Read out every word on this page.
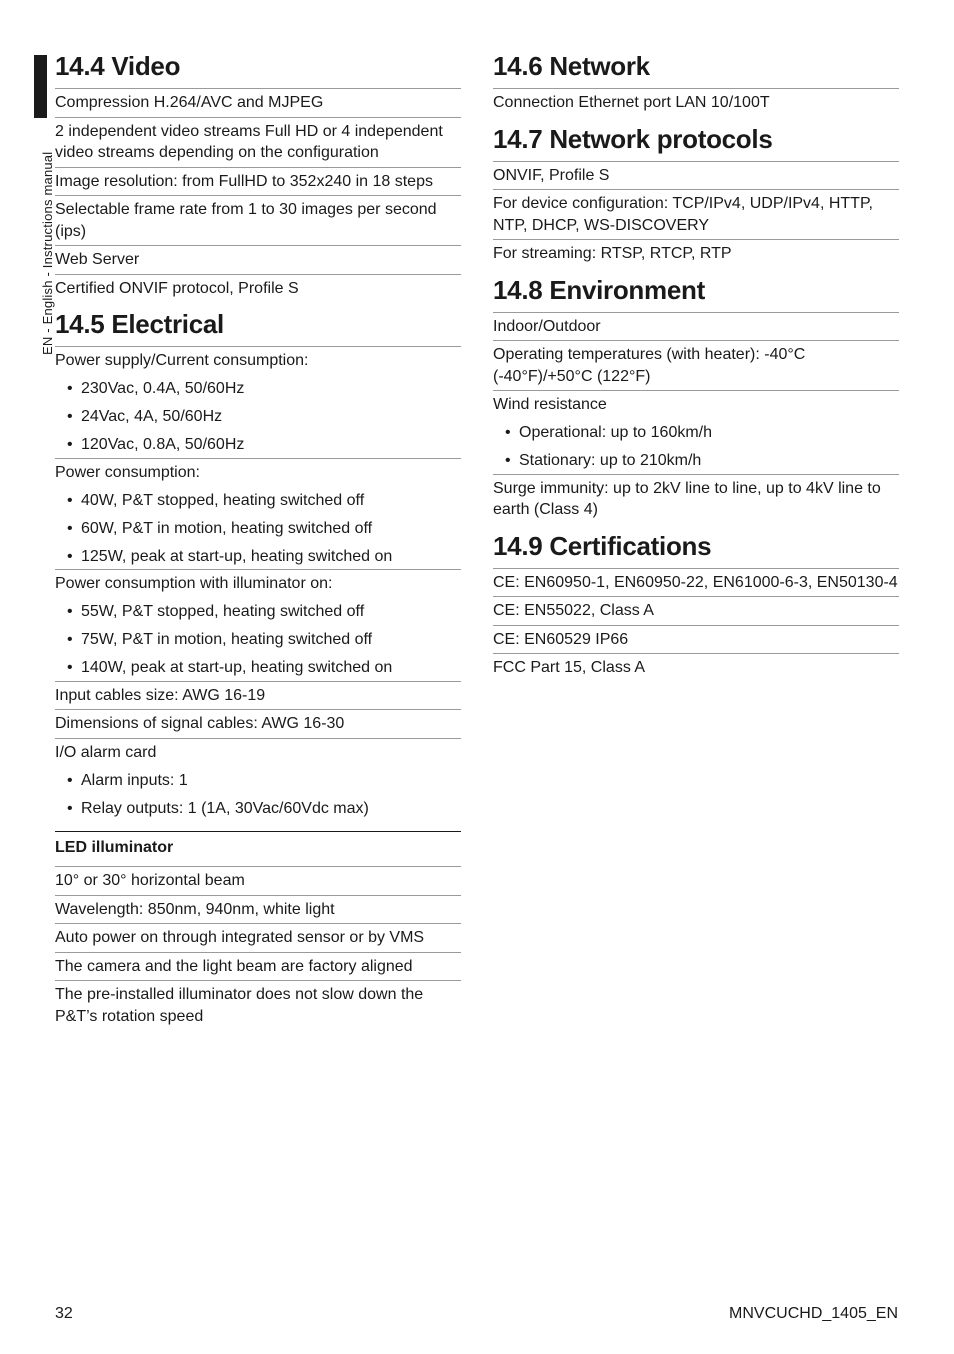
EN - English - Instructions manual
14.4 Video
Compression H.264/AVC and MJPEG
2 independent video streams Full HD or 4 independent video streams depending on the configuration
Image resolution: from FullHD to 352x240 in 18 steps
Selectable frame rate from 1 to 30 images per second (ips)
Web Server
Certified ONVIF protocol, Profile S
14.5 Electrical
Power supply/Current consumption:
• 230Vac, 0.4A, 50/60Hz
• 24Vac, 4A, 50/60Hz
• 120Vac, 0.8A, 50/60Hz
Power consumption:
• 40W, P&T stopped, heating switched off
• 60W, P&T in motion, heating switched off
• 125W, peak at start-up, heating switched on
Power consumption with illuminator on:
• 55W, P&T stopped, heating switched off
• 75W, P&T in motion, heating switched off
• 140W, peak at start-up, heating switched on
Input cables size: AWG 16-19
Dimensions of signal cables: AWG 16-30
I/O alarm card
• Alarm inputs: 1
• Relay outputs: 1 (1A, 30Vac/60Vdc max)
LED illuminator
10° or 30° horizontal beam
Wavelength: 850nm, 940nm, white light
Auto power on through integrated sensor or by VMS
The camera and the light beam are factory aligned
The pre-installed illuminator does not slow down the P&T’s rotation speed
14.6 Network
Connection Ethernet port LAN 10/100T
14.7 Network protocols
ONVIF, Profile S
For device configuration: TCP/IPv4, UDP/IPv4, HTTP, NTP, DHCP, WS-DISCOVERY
For streaming: RTSP, RTCP, RTP
14.8 Environment
Indoor/Outdoor
Operating temperatures (with heater): -40°C (-40°F)/+50°C (122°F)
Wind resistance
• Operational: up to 160km/h
• Stationary: up to 210km/h
Surge immunity: up to 2kV line to line, up to 4kV line to earth (Class 4)
14.9 Certifications
CE: EN60950-1, EN60950-22, EN61000-6-3, EN50130-4
CE: EN55022, Class A
CE: EN60529 IP66
FCC Part 15, Class A
32	MNVCUCHD_1405_EN
